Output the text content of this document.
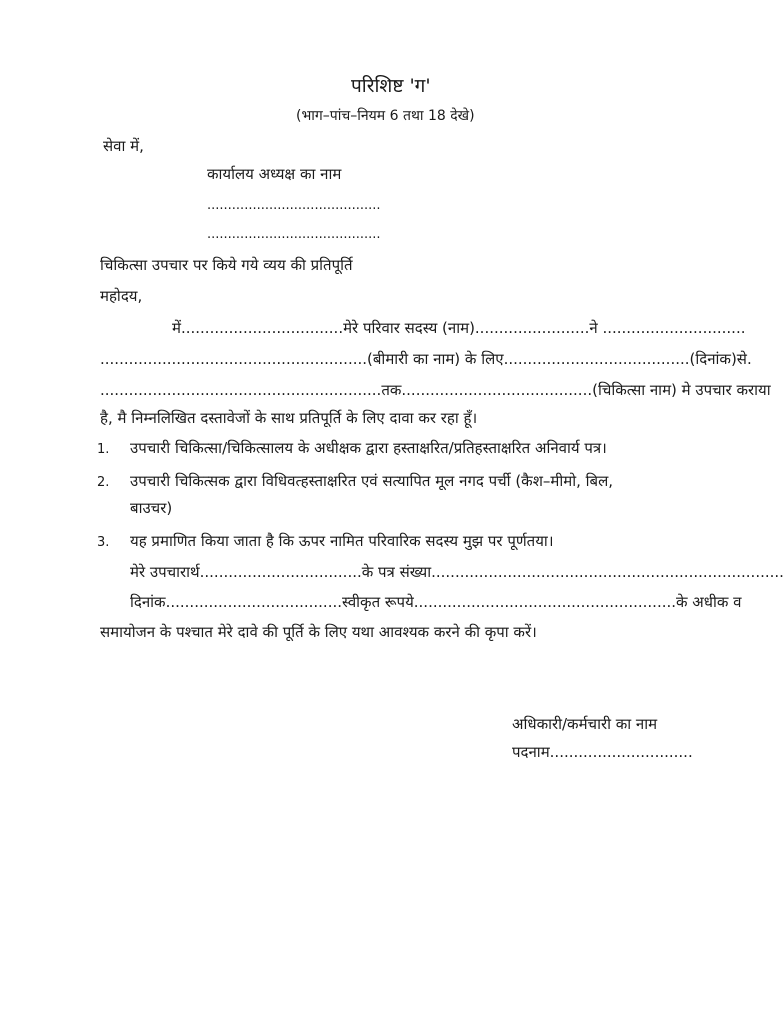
परिशिष्ट 'ग'
(भाग–पांच–नियम 6 तथा 18 देखे)
सेवा में,
कार्यालय अध्यक्ष का नाम
..........................................
..........................................
चिकित्सा उपचार पर किये गये व्यय की प्रतिपूर्ति
महोदय,
में..................................मेरे परिवार सदस्य (नाम)........................ने ..............................
........................................................(बीमारी का नाम) के लिए.......................................(दिनांक)से.
...........................................................तक........................................(चिकित्सा नाम) मे उपचार कराया
है, मै निम्नलिखित दस्तावेजों के साथ प्रतिपूर्ति के लिए दावा कर रहा हूँ।
1. उपचारी चिकित्सा/चिकित्सालय के अधीक्षक द्वारा हस्ताक्षरित/प्रतिहस्ताक्षरित अनिवार्य पत्र।
2. उपचारी चिकित्सक द्वारा विधिवत्हस्ताक्षरित एवं सत्यापित मूल नगद पर्ची (कैश–मीमो, बिल,
बाउचर)
3. यह प्रमाणित किया जाता है कि ऊपर नामित परिवारिक सदस्य मुझ पर पूर्णतया।
मेरे उपचारार्थ..................................के पत्र संख्या..........................................................................
दिनांक.....................................स्वीकृत रूपये.......................................................के अधीक व
समायोजन के पश्चात मेरे दावे की पूर्ति के लिए यथा आवश्यक करने की कृपा करें।
अधिकारी/कर्मचारी का नाम
पदनाम..............................
